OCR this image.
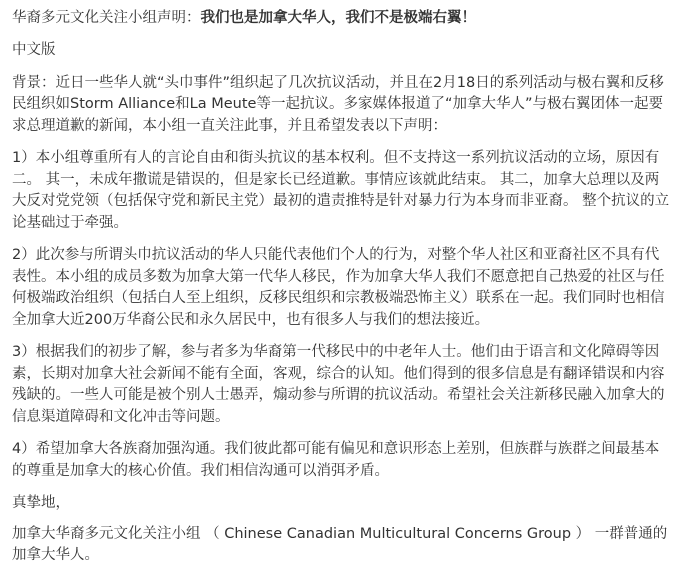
华裔多元文化关注小组声明：我们也是加拿大华人，我们不是极端右翼！

中文版

背景：近日一些华人就“头巾事件”组织起了几次抗议活动，并且在2月18日的系列活动与极右翼和反移民组织如Storm Alliance和La Meute等一起抗议。多家媒体报道了“加拿大华人”与极右翼团体一起要求总理道歉的新闻，本小组一直关注此事，并且希望发表以下声明：

1）本小组尊重所有人的言论自由和街头抗议的基本权利。但不支持这一系列抗议活动的立场，原因有二。 其一，未成年撒谎是错误的，但是家长已经道歉。事情应该就此结束。 其二，加拿大总理以及两大反对党党领（包括保守党和新民主党）最初的遣责推特是针对暴力行为本身而非亚裔。 整个抗议的立论基础过于牵强。

2）此次参与所谓头巾抗议活动的华人只能代表他们个人的行为，对整个华人社区和亚裔社区不具有代表性。本小组的成员多数为加拿大第一代华人移民，作为加拿大华人我们不愿意把自己热爱的社区与任何极端政治组织（包括白人至上组织，反移民组织和宗教极端恐怖主义）联系在一起。我们同时也相信全加拿大近200万华裔公民和永久居民中，也有很多人与我们的想法接近。

3）根据我们的初步了解，参与者多为华裔第一代移民中的中老年人士。他们由于语言和文化障碍等因素，长期对加拿大社会新闻不能有全面，客观，综合的认知。他们得到的很多信息是有翻译错误和内容残缺的。一些人可能是被个别人士愚弄，煽动参与所谓的抗议活动。希望社会关注新移民融入加拿大的信息渠道障碍和文化冲击等问题。

4）希望加拿大各族裔加强沟通。我们彼此都可能有偏见和意识形态上差别，但族群与族群之间最基本的尊重是加拿大的核心价值。我们相信沟通可以消弭矛盾。

真挚地，

加拿大华裔多元文化关注小组 （ Chinese Canadian Multicultural Concerns Group ） 一群普通的加拿大华人。
